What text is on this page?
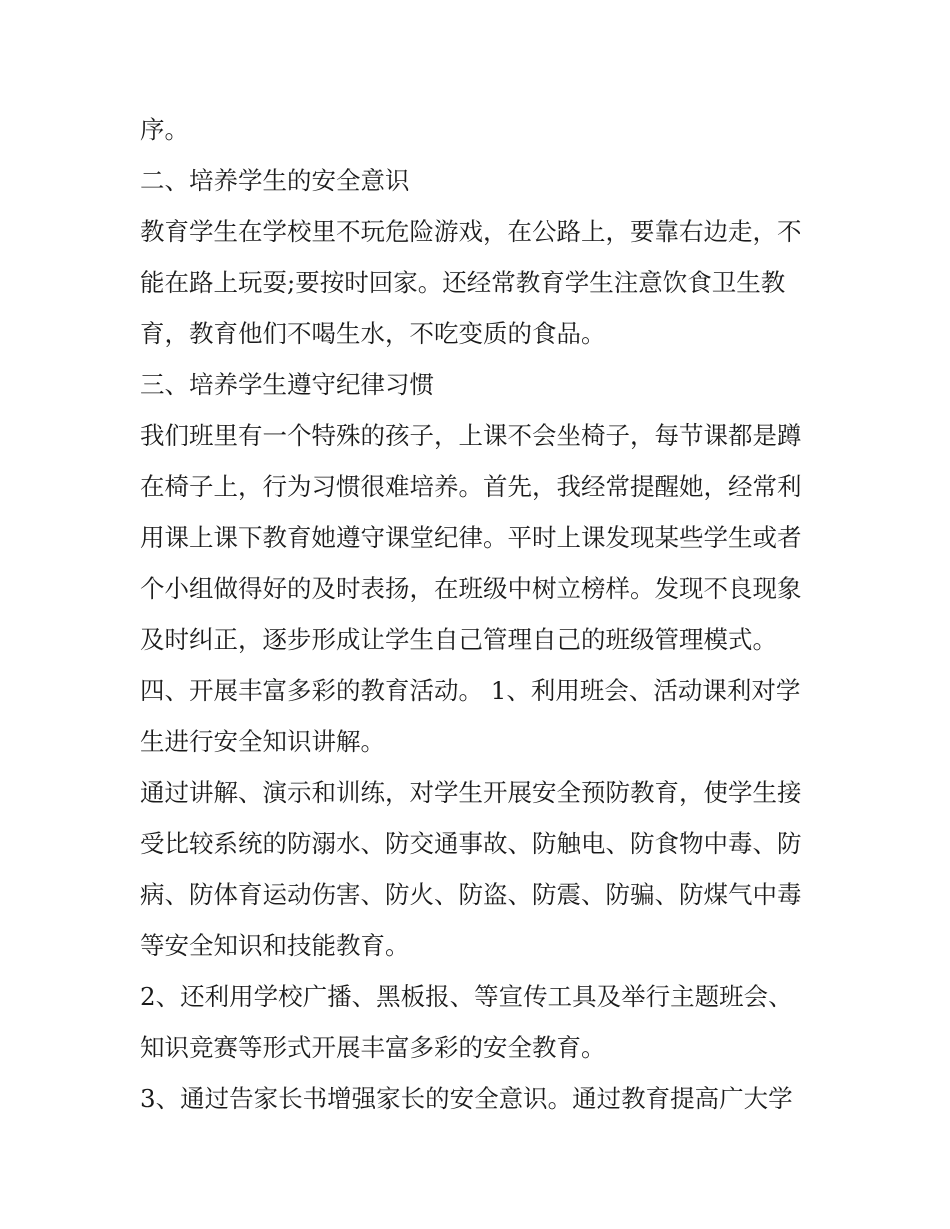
序。

二、培养学生的安全意识

教育学生在学校里不玩危险游戏，在公路上，要靠右边走，不

能在路上玩耍;要按时回家。还经常教育学生注意饮食卫生教

育，教育他们不喝生水，不吃变质的食品。

三、培养学生遵守纪律习惯

我们班里有一个特殊的孩子，上课不会坐椅子，每节课都是蹲

在椅子上，行为习惯很难培养。首先，我经常提醒她，经常利

用课上课下教育她遵守课堂纪律。平时上课发现某些学生或者

个小组做得好的及时表扬，在班级中树立榜样。发现不良现象

及时纠正，逐步形成让学生自己管理自己的班级管理模式。

四、开展丰富多彩的教育活动。 1、利用班会、活动课利对学

生进行安全知识讲解。

通过讲解、演示和训练，对学生开展安全预防教育，使学生接

受比较系统的防溺水、防交通事故、防触电、防食物中毒、防

病、防体育运动伤害、防火、防盗、防震、防骗、防煤气中毒

等安全知识和技能教育。

2、还利用学校广播、黑板报、等宣传工具及举行主题班会、

知识竞赛等形式开展丰富多彩的安全教育。

3、通过告家长书增强家长的安全意识。通过教育提高广大学
